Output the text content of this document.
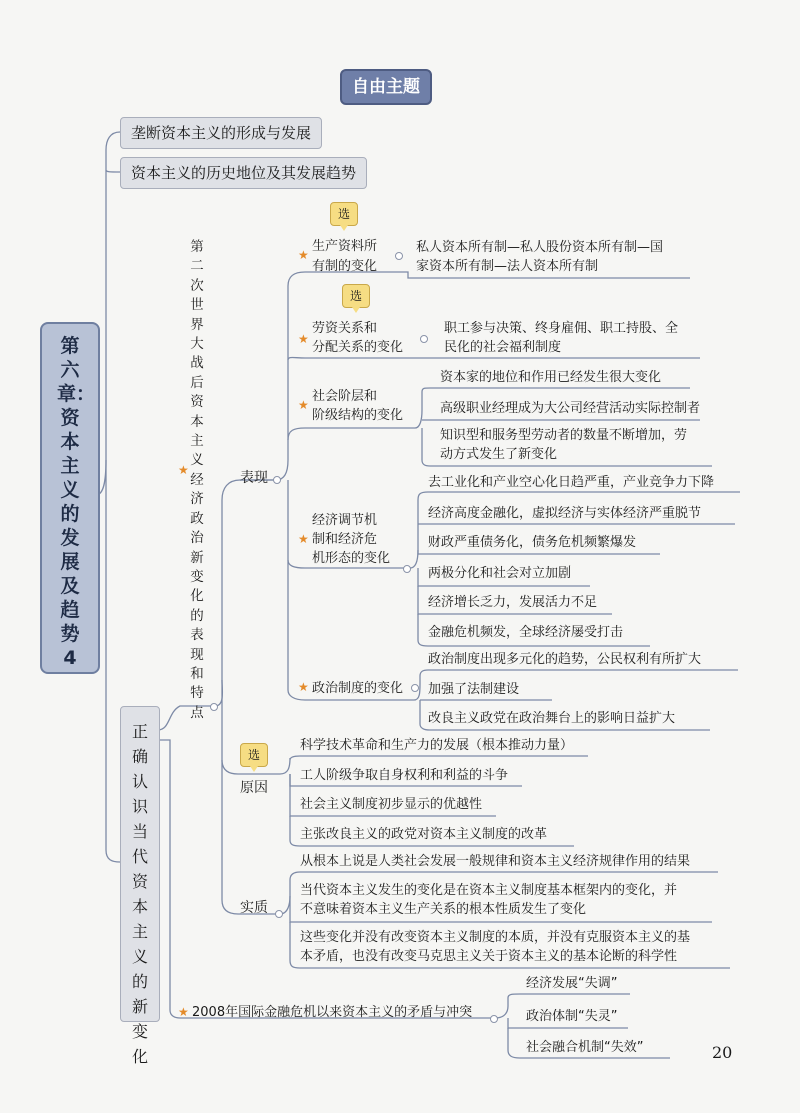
自由主题
第六章：资本主义的发展及趋势4
垄断资本主义的形成与发展
资本主义的历史地位及其发展趋势
正确认识当代资本主义的新变化
第二次世界大战后资本主义经济政治新变化的表现和特点
★	表现
原因
实质
选
选
选
★
生产资料所
有制的变化
私人资本所有制—私人股份资本所有制—国
家资本所有制—法人资本所有制
★
劳资关系和
分配关系的变化
职工参与决策、终身雇佣、职工持股、全
民化的社会福利制度
★
社会阶层和
阶级结构的变化
资本家的地位和作用已经发生很大变化
高级职业经理成为大公司经营活动实际控制者
知识型和服务型劳动者的数量不断增加，劳
动方式发生了新变化
★
经济调节机
制和经济危
机形态的变化
去工业化和产业空心化日趋严重，产业竞争力下降
经济高度金融化，虚拟经济与实体经济严重脱节
财政严重债务化，债务危机频繁爆发
两极分化和社会对立加剧
经济增长乏力，发展活力不足
金融危机频发，全球经济屡受打击
★ 政治制度的变化
政治制度出现多元化的趋势，公民权利有所扩大
加强了法制建设
改良主义政党在政治舞台上的影响日益扩大
科学技术革命和生产力的发展（根本推动力量）
工人阶级争取自身权利和利益的斗争
社会主义制度初步显示的优越性
主张改良主义的政党对资本主义制度的改革
从根本上说是人类社会发展一般规律和资本主义经济规律作用的结果
当代资本主义发生的变化是在资本主义制度基本框架内的变化，并
不意味着资本主义生产关系的根本性质发生了变化
这些变化并没有改变资本主义制度的本质，并没有克服资本主义的基
本矛盾，也没有改变马克思主义关于资本主义的基本论断的科学性
★ 2008年国际金融危机以来资本主义的矛盾与冲突
经济发展“失调”
政治体制“失灵”
社会融合机制“失效”	20
